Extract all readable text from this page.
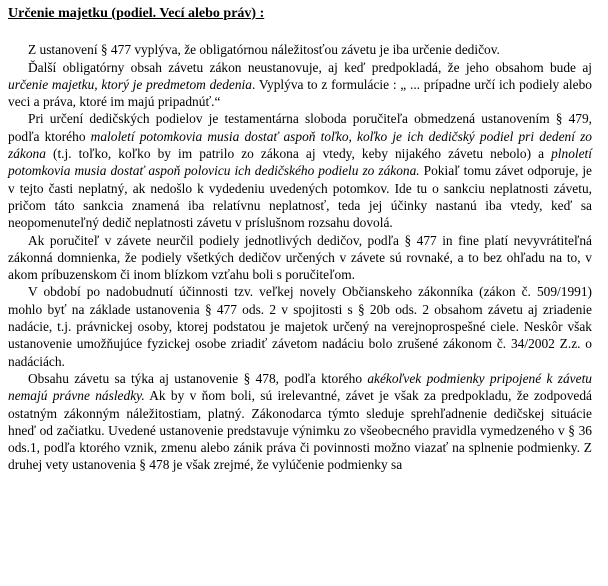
Určenie majetku (podiel. Vecí alebo práv) :

Z ustanovení § 477 vyplýva, že obligatórnou náležitosťou závetu je iba určenie dedičov.

Ďalší obligatórny obsah závetu zákon neustanovuje, aj keď predpokladá, že jeho obsahom bude aj určenie majetku, ktorý je predmetom dedenia. Vyplýva to z formulácie : „ ... prípadne určí ich podiely alebo veci a práva, ktoré im majú pripadnúť.“

Pri určení dedičských podielov je testamentárna sloboda poručiteľa obmedzená ustanovením § 479, podľa ktorého maloletí potomkovia musia dostať aspoň toľko, koľko je ich dedičský podiel pri dedení zo zákona (t.j. toľko, koľko by im patrilo zo zákona aj vtedy, keby nijakého závetu nebolo) a plnoletí potomkovia musia dostať aspoň polovicu ich dedičského podielu zo zákona. Pokiaľ tomu závet odporuje, je v tejto časti neplatný, ak nedošlo k vydedeniu uvedených potomkov. Ide tu o sankciu neplatnosti závetu, pričom táto sankcia znamená iba relatívnu neplatnosť, teda jej účinky nastanú iba vtedy, keď sa neopomenuteľný dedič neplatnosti závetu v príslušnom rozsahu dovolá.

Ak poručiteľ v závete neurčil podiely jednotlivých dedičov, podľa § 477 in fine platí nevyvrátiteľná zákonná domnienka, že podiely všetkých dedičov určených v závete sú rovnaké, a to bez ohľadu na to, v akom príbuzenskom či inom blízkom vzťahu boli s poručiteľom.

V období po nadobudnutí účinnosti tzv. veľkej novely Občianskeho zákonníka (zákon č. 509/1991) mohlo byť na základe ustanovenia § 477 ods. 2 v spojitosti s § 20b ods. 2 obsahom závetu aj zriadenie nadácie, t.j. právnickej osoby, ktorej podstatou je majetok určený na verejnoprospešné ciele. Neskôr však ustanovenie umožňujúce fyzickej osobe zriadiť závetom nadáciu bolo zrušené zákonom č. 34/2002 Z.z. o nadáciách.

Obsahu závetu sa týka aj ustanovenie § 478, podľa ktorého akékoľvek podmienky pripojené k závetu nemajú právne následky. Ak by v ňom boli, sú irelevantné, závet je však za predpokladu, že zodpovedá ostatným zákonným náležitostiam, platný. Zákonodarca týmto sleduje sprehľadnenie dedičskej situácie hneď od začiatku. Uvedené ustanovenie predstavuje výnimku zo všeobecného pravidla vymedzeného v § 36 ods.1, podľa ktorého vznik, zmenu alebo zánik práva či povinnosti možno viazať na splnenie podmienky. Z druhej vety ustanovenia § 478 je však zrejmé, že vylúčenie podmienky sa
